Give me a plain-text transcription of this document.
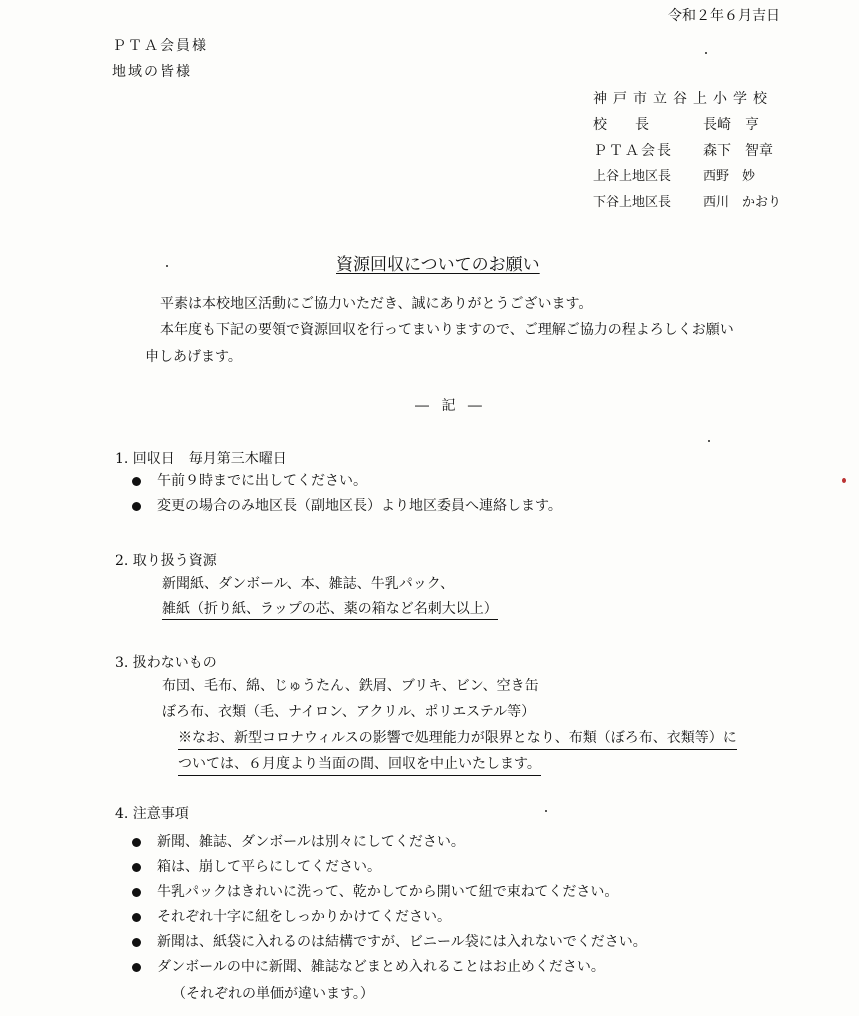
令和２年６月吉日
ＰＴＡ会員様
地域の皆様
神戸市立谷上小学校
校　　長	長崎　亨
ＰＴＡ会長	森下　智章
上谷上地区長	西野　妙
下谷上地区長	西川　かおり
資源回収についてのお願い
平素は本校地区活動にご協力いただき、誠にありがとうございます。
本年度も下記の要領で資源回収を行ってまいりますので、ご理解ご協力の程よろしくお願い
申しあげます。
― 記 ―
1. 回収日　毎月第三木曜日
午前９時までに出してください。
変更の場合のみ地区長（副地区長）より地区委員へ連絡します。
2. 取り扱う資源
新聞紙、ダンボール、本、雑誌、牛乳パック、
雑紙（折り紙、ラップの芯、薬の箱など名刺大以上）
3. 扱わないもの
布団、毛布、綿、じゅうたん、鉄屑、ブリキ、ビン、空き缶
ぼろ布、衣類（毛、ナイロン、アクリル、ポリエステル等）
※なお、新型コロナウィルスの影響で処理能力が限界となり、布類（ぼろ布、衣類等）に
ついては、６月度より当面の間、回収を中止いたします。
4. 注意事項
新聞、雑誌、ダンボールは別々にしてください。
箱は、崩して平らにしてください。
牛乳パックはきれいに洗って、乾かしてから開いて紐で束ねてください。
それぞれ十字に紐をしっかりかけてください。
新聞は、紙袋に入れるのは結構ですが、ビニール袋には入れないでください。
ダンボールの中に新聞、雑誌などまとめ入れることはお止めください。
（それぞれの単価が違います。）
